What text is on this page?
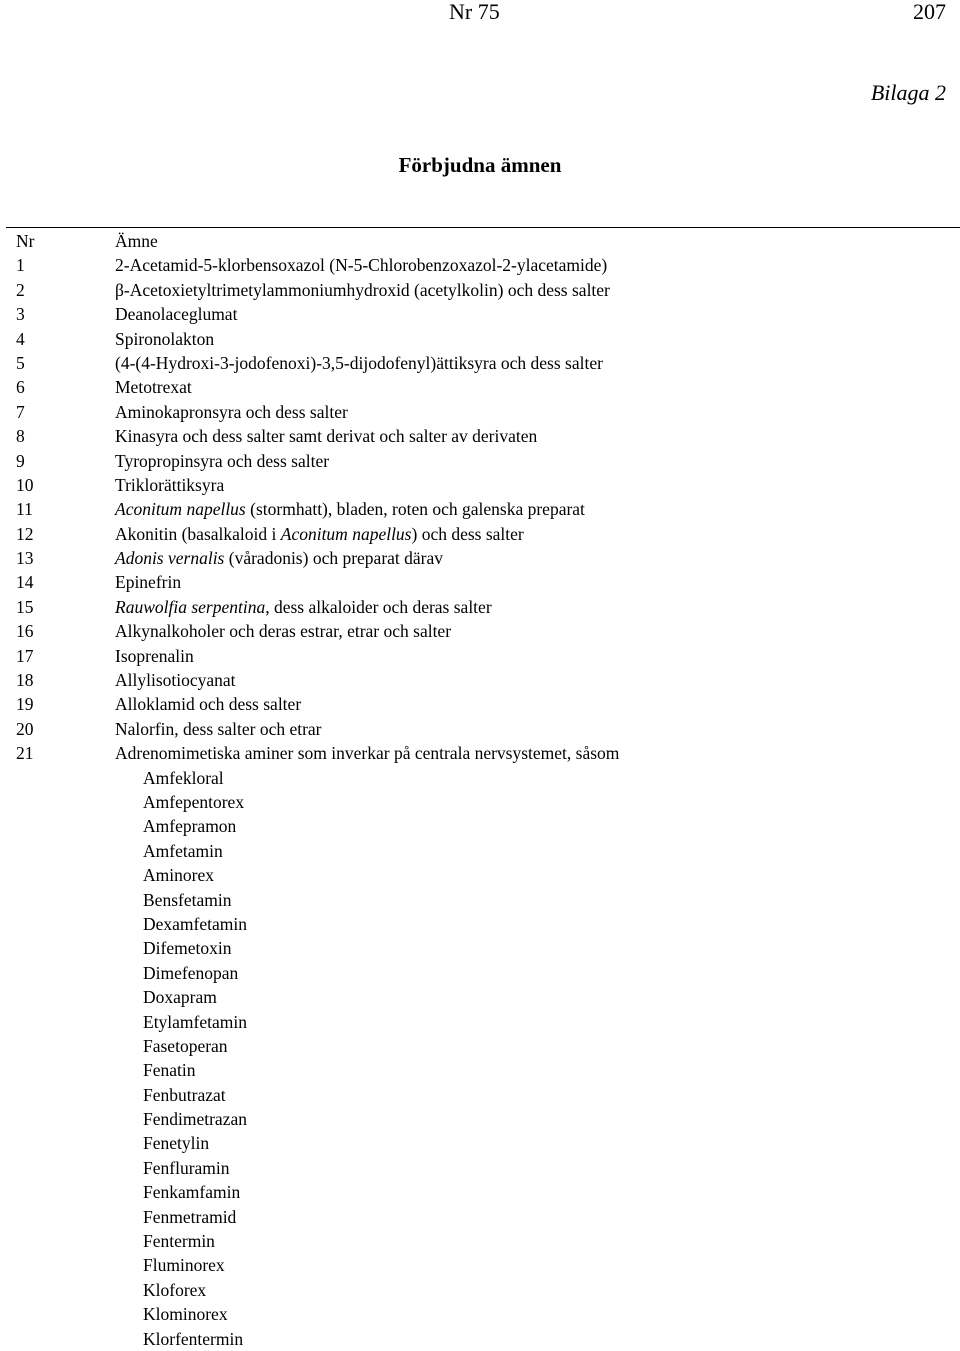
Nr 75	207
Bilaga 2
Förbjudna ämnen
Nr	Ämne
1	2-Acetamid-5-klorbensoxazol (N-5-Chlorobenzoxazol-2-ylacetamide)
2	β-Acetoxietyltrimetylammoniumhydroxid (acetylkolin) och dess salter
3	Deanolaceglumat
4	Spironolakton
5	(4-(4-Hydroxi-3-jodofenoxi)-3,5-dijodofenyl)ättiksyra och dess salter
6	Metotrexat
7	Aminokapronsyra och dess salter
8	Kinasyra och dess salter samt derivat och salter av derivaten
9	Tyropropinsyra och dess salter
10	Triklorättiksyra
11	Aconitum napellus (stormhatt), bladen, roten och galenska preparat
12	Akonitin (basalkaloid i Aconitum napellus) och dess salter
13	Adonis vernalis (våradonis) och preparat därav
14	Epinefrin
15	Rauwolfia serpentina, dess alkaloider och deras salter
16	Alkynalkoholer och deras estrar, etrar och salter
17	Isoprenalin
18	Allylisotiocyanat
19	Alloklamid och dess salter
20	Nalorfin, dess salter och etrar
21	Adrenomimetiska aminer som inverkar på centrala nervsystemet, såsom
Amfekloral
Amfepentorex
Amfepramon
Amfetamin
Aminorex
Bensfetamin
Dexamfetamin
Difemetoxin
Dimefenopan
Doxapram
Etylamfetamin
Fasetoperan
Fenatin
Fenbutrazat
Fendimetrazan
Fenetylin
Fenfluramin
Fenkamfamin
Fenmetramid
Fentermin
Fluminorex
Kloforex
Klominorex
Klorfentermin
